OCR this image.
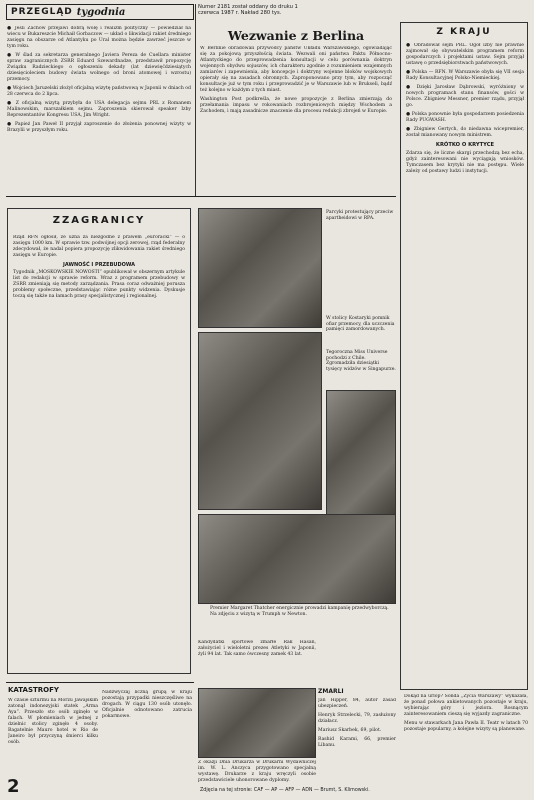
PRZEGLĄD tygodnia	Numer 2181 został oddany do druku 1 czerwca 1987 r. Nakład 280 tys.

● Jeśli Żachów przejawi dobrą wolę i realizm polityczny — powiedział na wiecu w Bukareszcie Michaił Gorbaczow — układ o likwidacji rakiet średniego zasięgu na obszarze od Atlantyku po Ural można będzie zawrzeć jeszcze w tym roku.

● W ślad za sekretarza generalnego Javiera Pereza de Cuellara minister spraw zagranicznych ZSRR Eduard Szewardnadze, przedstawił propozycję Związku Radzieckiego o ogłoszeniu dekady (lat dziewięćdziesiątych dziesięcioleciem budowy świata wolnego od broni atomowej i wzrostu) przemocy.

● Wojciech Jaruzelski złożył oficjalną wizytę państwową w Japonii w dniach od 28 czerwca do 2 lipca.

● Z oficjalną wizytą przybyła do USA delegacja sejmu PRL z Romanem Malinowskim, marszałkiem sejmu. Zaproszenia skierował speaker Izby Reprezentantów Kongresu USA, Jim Wright.

● Papież Jan Paweł II przyjął zaproszenie do złożenia ponownej wizyty w Brazylii w przyszłym roku.

Wezwanie z Berlina

W Berlinie obradowali przywódcy państw Układu Warszawskiego, ogowiadając się za pokojową przyszłością świata. Wezwali oni państwa Paktu Północno-Atlantyckiego do przeprowadzenia konsultacji w celu porównania doktryn wojennych obydwu sojuszów, ich charakteru zgodnie z rozumieniem wzajemnych zamiarów i zapewnienia, aby koncepcje i doktryny wojenne bloków wojskowych opierały się na zasadach obronnych. Zaproponowano przy tym, aby rozpocząć konsultacje już w tym roku i przeprowadzić je w Warszawie lub w Brukseli, bądź też kolejno w każdym z tych miast.

Washington Post podkreśla, że nowe propozycje z Berlina zmierzają do przełamania impasu w rokowaniach rozbrojeniowych między Wschodem a Zachodem, i mają zasadnicze znaczenie dla procesu redukcji zbrojeń w Europie.

Z KRAJU

● Obradował sejm PRL. Ogół izby nie prawnie zajmował się obywatelskim programem reform gospodarczych i projektami ustaw. Sejm przyjął ustawę o przedsiębiorstwach państwowych.

● Polska — RFN. W Warszawie obyła się VII sesja Rady Konsultacyjnej Polsko-Niemieckiej.

● Dzięki Jarosław Dąbrowski, wyróżniony w nowych programach stanu finansów, gości w Polsce. Zbigniew Messner, premier rządu, przyjął go.

● Polska ponownie była gospodarzem posiedzenia Rady PUGWASH.

● Zbigniew Gertych, do niedawna wicepremier, został mianowany nowym ministrem.

KRÓTKO O KRYTYCE

Zdarza się, że liczne skargi przechodzą bez echa, gdyż zainteresowani nie wyciągają wniosków. Tymczasem bez krytyki nie ma postępu. Wiele zależy od postawy ludzi i instytucji.

ZZAGRANICY

Rząd RFN ogłosił, że uzna za niezgodne z prawem „euroracki” — o zasięgu 1000 km. W sprawie tzw. podwójnej opcji zerowej, rząd federalny zdecydował, że nadal popiera propozycję zlikwidowania rakiet średniego zasięgu w Europie.

JAWNOŚĆ I PRZEBUDOWA

Tygodnik „MOSKOWSKIE NOWOSTI” opublikował w obszernym artykule list do redakcji w sprawie reform. Wraz z programem przebudowy w ZSRR zmieniają się metody zarządzania. Prasa coraz odważniej porusza problemy społeczne, przedstawiając różne punkty widzenia. Dyskusje toczą się także na łamach prasy specjalistycznej i regionalnej.

Parcyki protestujący przeciw apartheidowi w RPA.
W stolicy Kostaryki pomnik ofiar przemocy, dla uczczenia pamięci zamordowanych.
Tegoroczna Miss Universe pochodzi z Chile. Zgromadziła dziesiątki tysięcy widzów w Singapurze.
Premier Margaret Thatcher energicznie prowadzi kampanię przedwyborczą. Na zdjęciu z wizytą w Trumph w Newton.

Kandydatki sportowe zmarłe Rak Hasan, założyciel i wieloletni prezes Atletyki w Japonii, żyli 94 lat. Tak samo ówczesny zamek 43 lat.

Z okazji Dnia Drukarza w Drukarni Wydawniczej im. W. L. Anczyca przygotowano specjalną wystawę. Drukarze z kraju wręczyli osobie przedstawiciele uhonorowane dyplomy.

ZMARLI

Jan Hipper, 84, autor zasad ubezpieczeń.

Henryk Strzelecki, 79, zasłużony działacz.

Mariusz Skarbek, 69, pilot.

Rashid Karami, 66, premier Libanu.

Dokąd na urlop? Sonda „Życia Warszawy” wykazała, że ponad połowa ankietowanych pozostaje w kraju, wybierając góry i jeziora. Rosnącym zainteresowaniem cieszą się wyjazdy zagraniczne.

Menu w stawarkach Jana Pawła II. Teatr w latach 70 pozostaje popularny, a kolejne wizyty są planowane.

KATASTROFY

W czasie szturmu na Morzu Jawajskim zatonął indonezyjski statek „Arma Aya”. Przeszło sto osób zginęło w falach. W płomieniach w jednej z dzielnic stolicy zginęło 4 osoby. Bagatelnie Mauro hotel w Rio de Janeiro był przyczyną śmierci kilku osób.

Nadzwyczaj liczną grupą w kraju pozostają przypadki nieszczęśliwe na drogach. W ciągu 130 osób utonęło. Oficjalnie odnotowano zatrucia pokarmowe.

2	Zdjęcia na tej stronie: CAF — AP — AFP — ADN — Brumt, S. Klimowski.
